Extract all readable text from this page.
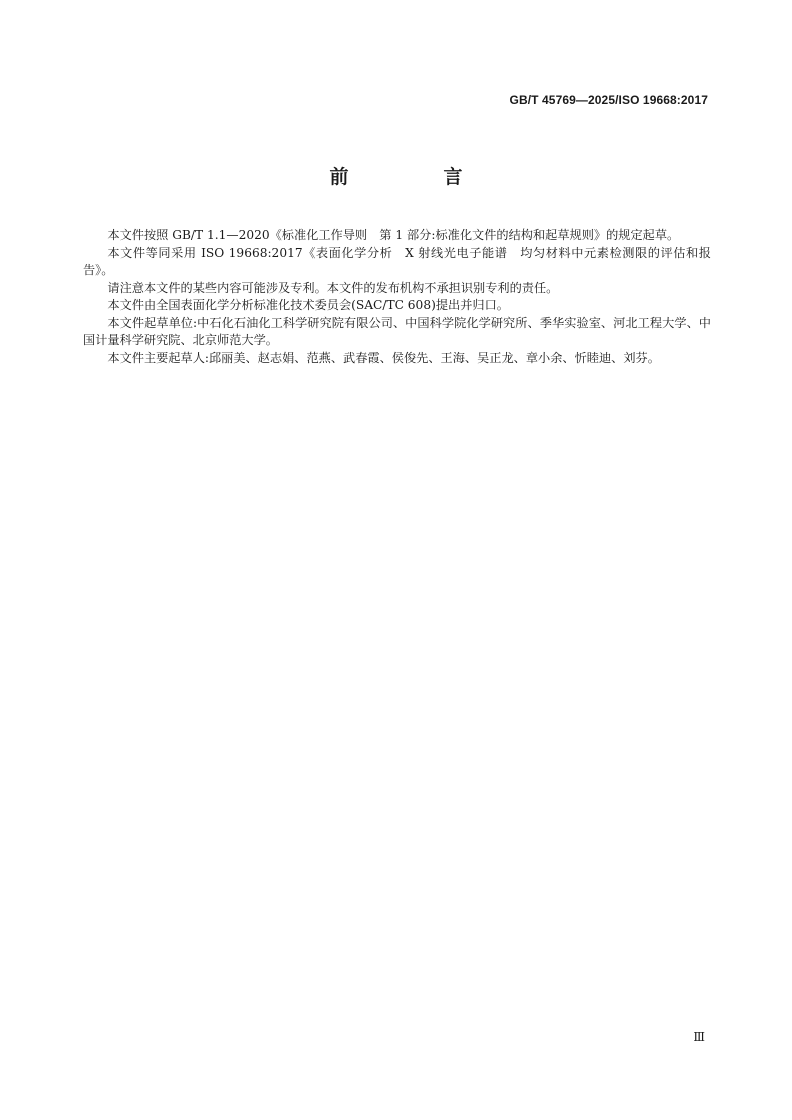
GB/T 45769—2025/ISO 19668:2017
前　言

本文件按照 GB/T 1.1—2020《标准化工作导则　第 1 部分:标准化文件的结构和起草规则》的规定起草。

本文件等同采用 ISO 19668:2017《表面化学分析　X 射线光电子能谱　均匀材料中元素检测限的评估和报告》。

请注意本文件的某些内容可能涉及专利。本文件的发布机构不承担识别专利的责任。

本文件由全国表面化学分析标准化技术委员会(SAC/TC 608)提出并归口。

本文件起草单位:中石化石油化工科学研究院有限公司、中国科学院化学研究所、季华实验室、河北工程大学、中国计量科学研究院、北京师范大学。

本文件主要起草人:邱丽美、赵志娟、范燕、武春霞、侯俊先、王海、吴正龙、章小余、忻睦迪、刘芬。

Ⅲ
